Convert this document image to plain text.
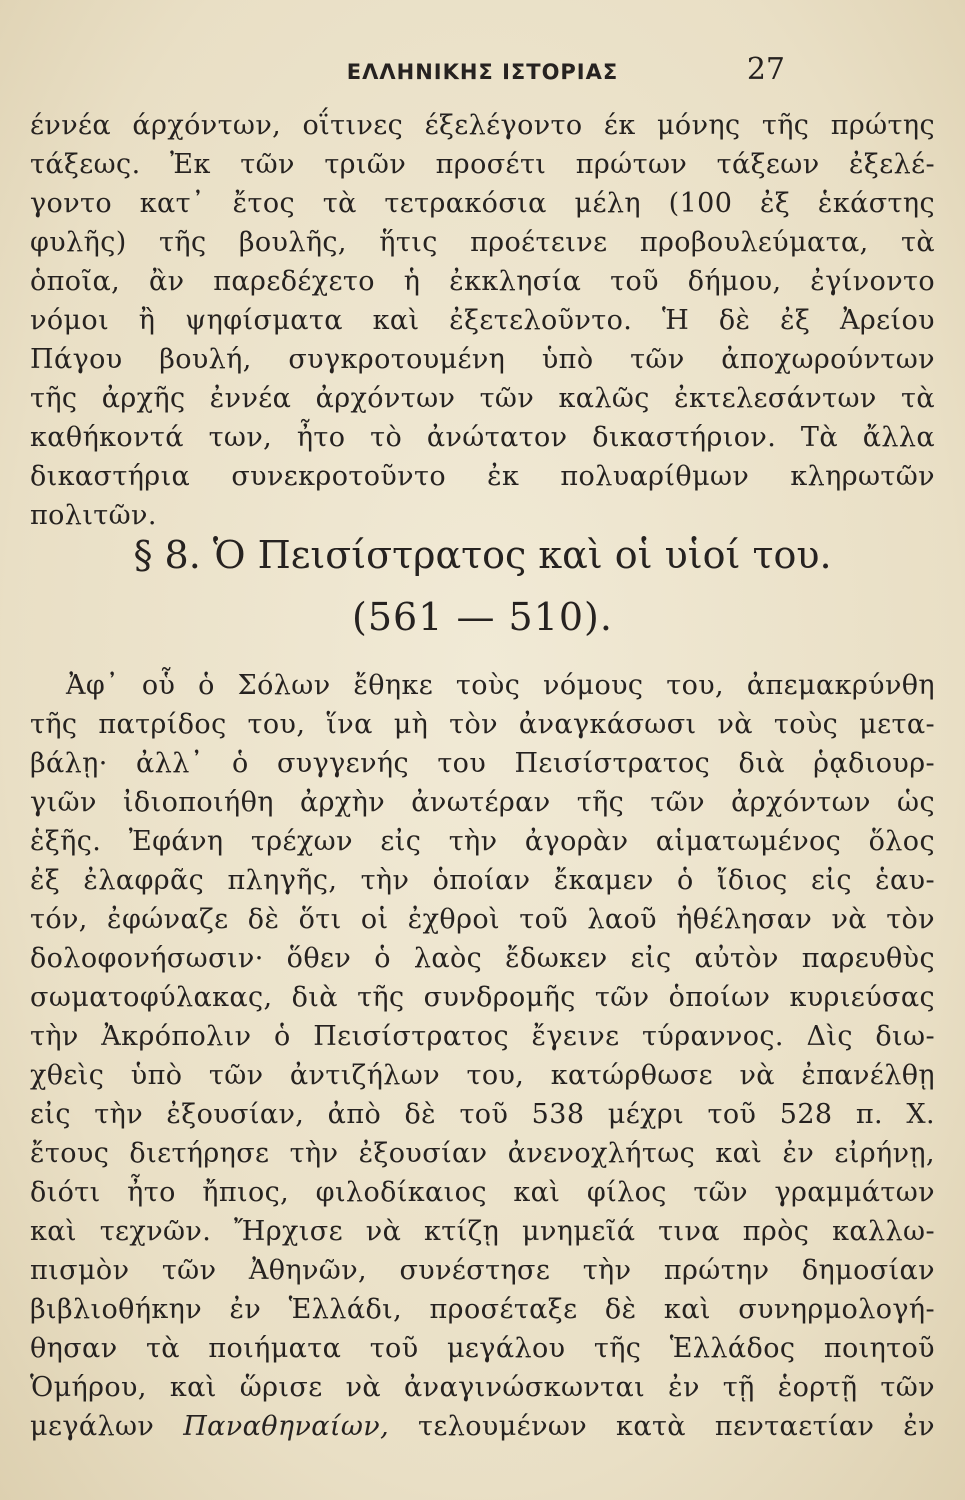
ΕΛΛΗΝΙΚΗΣ ΙΣΤΟΡΙΑΣ	27
έννέα άρχόντων, οΐτινες έξελέγοντο έκ μόνης τῆς πρώτης
τάξεως. Ἐκ τῶν τριῶν προσέτι πρώτων τάξεων ἐξελέ-
γοντο κατ᾽ ἔτος τὰ τετρακόσια μέλη (100 ἐξ ἑκάστης
φυλῆς) τῆς βουλῆς, ἥτις προέτεινε προβουλεύματα, τὰ
ὁποῖα, ἂν παρεδέχετο ἡ ἐκκλησία τοῦ δήμου, ἐγίνοντο
νόμοι ἢ ψηφίσματα καὶ ἐξετελοῦντο. Ἡ δὲ ἐξ Ἀρείου
Πάγου βουλή, συγκροτουμένη ὑπὸ τῶν ἀποχωρούντων
τῆς ἀρχῆς ἐννέα ἀρχόντων τῶν καλῶς ἐκτελεσάντων τὰ
καθήκοντά των, ἦτο τὸ ἀνώτατον δικαστήριον. Τὰ ἄλλα
δικαστήρια συνεκροτοῦντο ἐκ πολυαρίθμων κληρωτῶν
πολιτῶν.
§ 8. Ὁ Πεισίστρατος καὶ οἱ υἱοί του.
(561 — 510).
Ἀφ᾽ οὗ ὁ Σόλων ἔθηκε τοὺς νόμους του, ἀπεμακρύνθη
τῆς πατρίδος του, ἵνα μὴ τὸν ἀναγκάσωσι νὰ τοὺς μετα-
βάλῃ· ἀλλ᾽ ὁ συγγενής του Πεισίστρατος διὰ ῥᾳδιουρ-
γιῶν ἰδιοποιήθη ἀρχὴν ἀνωτέραν τῆς τῶν ἀρχόντων ὡς
ἑξῆς. Ἐφάνη τρέχων εἰς τὴν ἀγορὰν αἱματωμένος ὅλος
ἐξ ἐλαφρᾶς πληγῆς, τὴν ὁποίαν ἔκαμεν ὁ ἴδιος εἰς ἑαυ-
τόν, ἐφώναζε δὲ ὅτι οἱ ἐχθροὶ τοῦ λαοῦ ἠθέλησαν νὰ τὸν
δολοφονήσωσιν· ὅθεν ὁ λαὸς ἔδωκεν εἰς αὐτὸν παρευθὺς
σωματοφύλακας, διὰ τῆς συνδρομῆς τῶν ὁποίων κυριεύσας
τὴν Ἀκρόπολιν ὁ Πεισίστρατος ἔγεινε τύραννος. Δὶς διω-
χθεὶς ὑπὸ τῶν ἀντιζήλων του, κατώρθωσε νὰ ἐπανέλθῃ
εἰς τὴν ἐξουσίαν, ἀπὸ δὲ τοῦ 538 μέχρι τοῦ 528 π. Χ.
ἔτους διετήρησε τὴν ἐξουσίαν ἀνενοχλήτως καὶ ἐν εἰρήνῃ,
διότι ἦτο ἤπιος, φιλοδίκαιος καὶ φίλος τῶν γραμμάτων
καὶ τεχνῶν. Ἤρχισε νὰ κτίζῃ μνημεῖά τινα πρὸς καλλω-
πισμὸν τῶν Ἀθηνῶν, συνέστησε τὴν πρώτην δημοσίαν
βιβλιοθήκην ἐν Ἑλλάδι, προσέταξε δὲ καὶ συνηρμολογή-
θησαν τὰ ποιήματα τοῦ μεγάλου τῆς Ἑλλάδος ποιητοῦ
Ὁμήρου, καὶ ὥρισε νὰ ἀναγινώσκωνται ἐν τῇ ἑορτῇ τῶν
μεγάλων Παναθηναίων, τελουμένων κατὰ πενταετίαν ἐν
